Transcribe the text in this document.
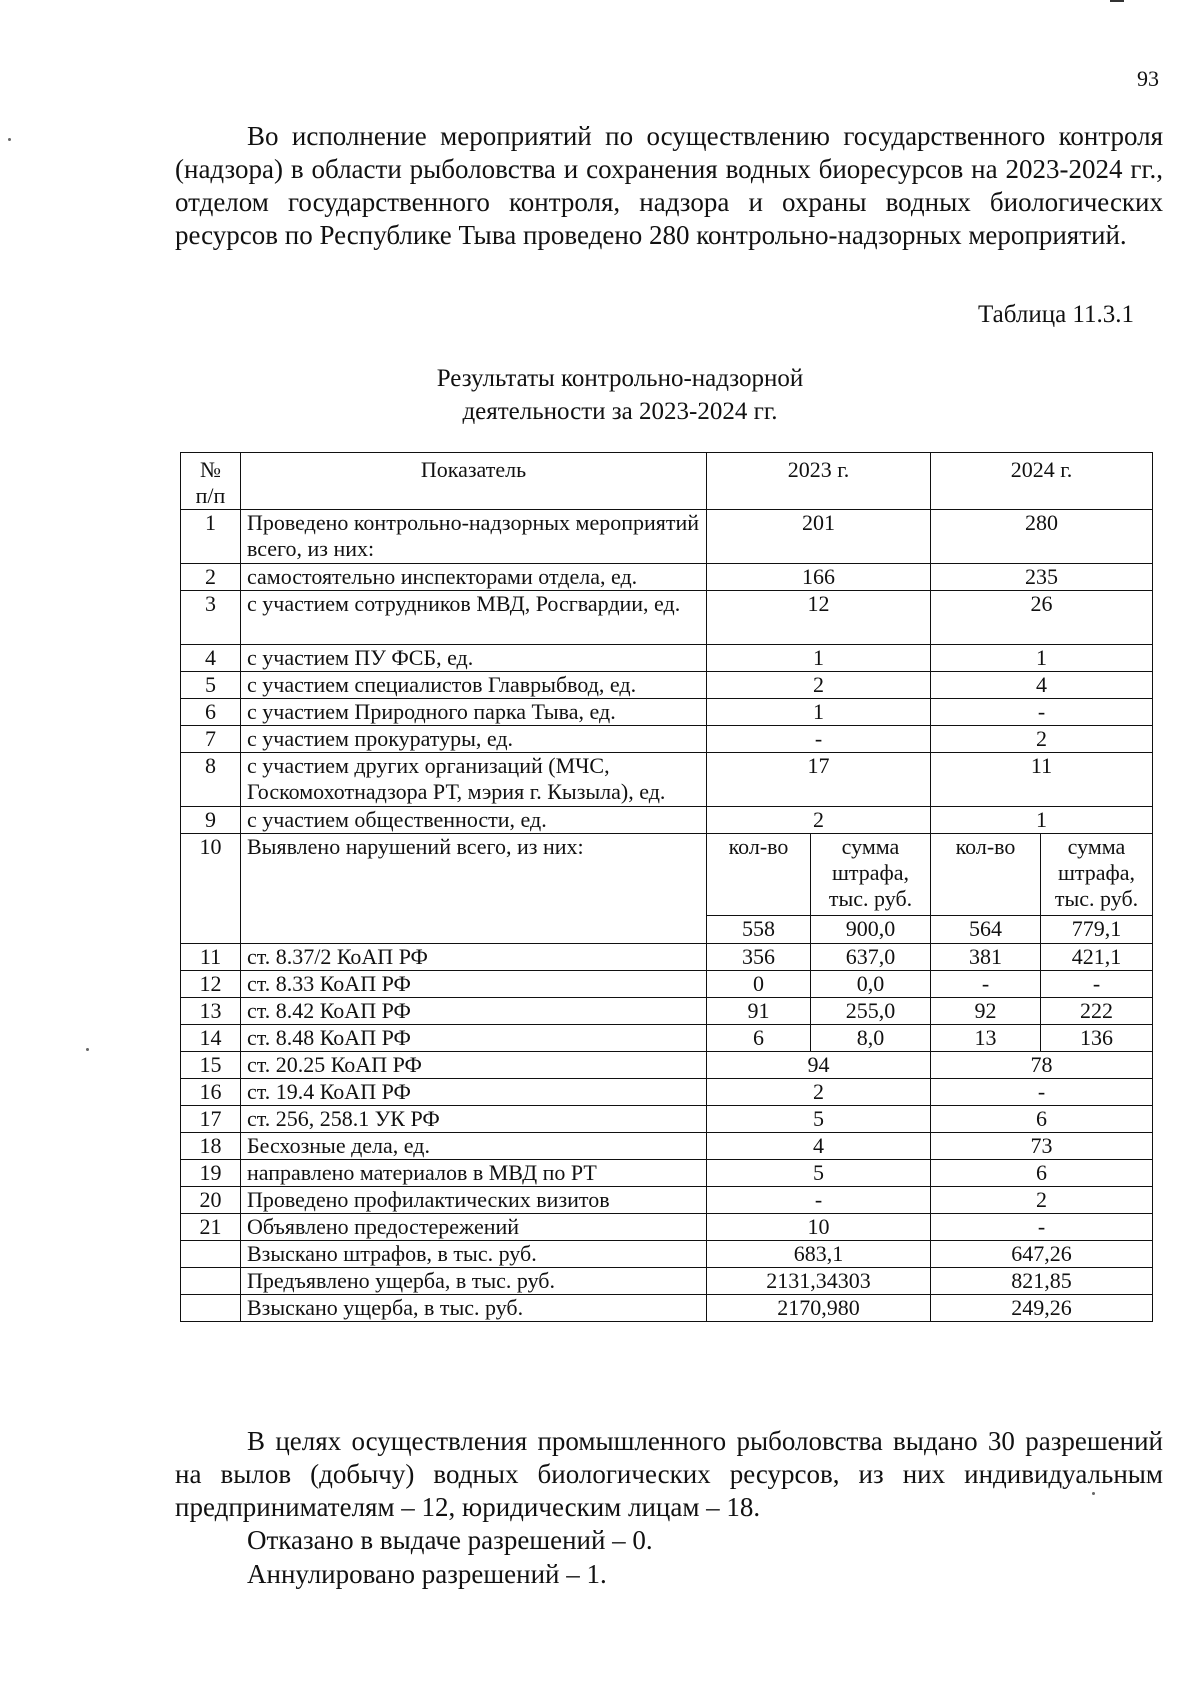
93

Во исполнение мероприятий по осуществлению государственного контроля (надзора) в области рыболовства и сохранения водных биоресурсов на 2023-2024 гг., отделом государственного контроля, надзора и охраны водных биологических ресурсов по Республике Тыва проведено 280 контрольно-надзорных мероприятий.

Таблица 11.3.1
Результаты контрольно-надзорной
деятельности за 2023-2024 гг.
№ п/п	Показатель	2023 г.		2024 г.	
1	Проведено контрольно-надзорных мероприятий всего, из них:	201		280	
2	самостоятельно инспекторами отдела, ед.	166		235	
3	с участием сотрудников МВД, Росгвардии, ед.	12		26	
4	с участием ПУ ФСБ, ед.	1		1	
5	с участием специалистов Главрыбвод, ед.	2		4	
6	с участием Природного парка Тыва, ед.	1		-	
7	с участием прокуратуры, ед.	-		2	
8	с участием других организаций (МЧС, Госкомохотнадзора РТ, мэрия г. Кызыла), ед.	17		11	
9	с участием общественности, ед.	2		1	
10	Выявлено нарушений всего, из них:	кол-во	сумма штрафа, тыс. руб.	кол-во	сумма штрафа, тыс. руб.
		558	900,0	564	779,1
11	ст. 8.37/2 КоАП РФ	356	637,0	381	421,1
12	ст. 8.33 КоАП РФ	0	0,0	-	-
13	ст. 8.42 КоАП РФ	91	255,0	92	222
14	ст. 8.48 КоАП РФ	6	8,0	13	136
15	ст. 20.25 КоАП РФ	94		78	
16	ст. 19.4 КоАП РФ	2		-	
17	ст. 256, 258.1 УК РФ	5		6	
18	Бесхозные дела, ед.	4		73	
19	направлено материалов в МВД по РТ	5		6	
20	Проведено профилактических визитов	-		2	
21	Объявлено предостережений	10		-	
	Взыскано штрафов, в тыс. руб.	683,1		647,26	
	Предъявлено ущерба, в тыс. руб.	2131,34303		821,85	
	Взыскано ущерба, в тыс. руб.	2170,980		249,26	

В целях осуществления промышленного рыболовства выдано 30 разрешений на вылов (добычу) водных биологических ресурсов, из них индивидуальным предпринимателям – 12, юридическим лицам – 18.

Отказано в выдаче разрешений – 0.

Аннулировано разрешений – 1.
